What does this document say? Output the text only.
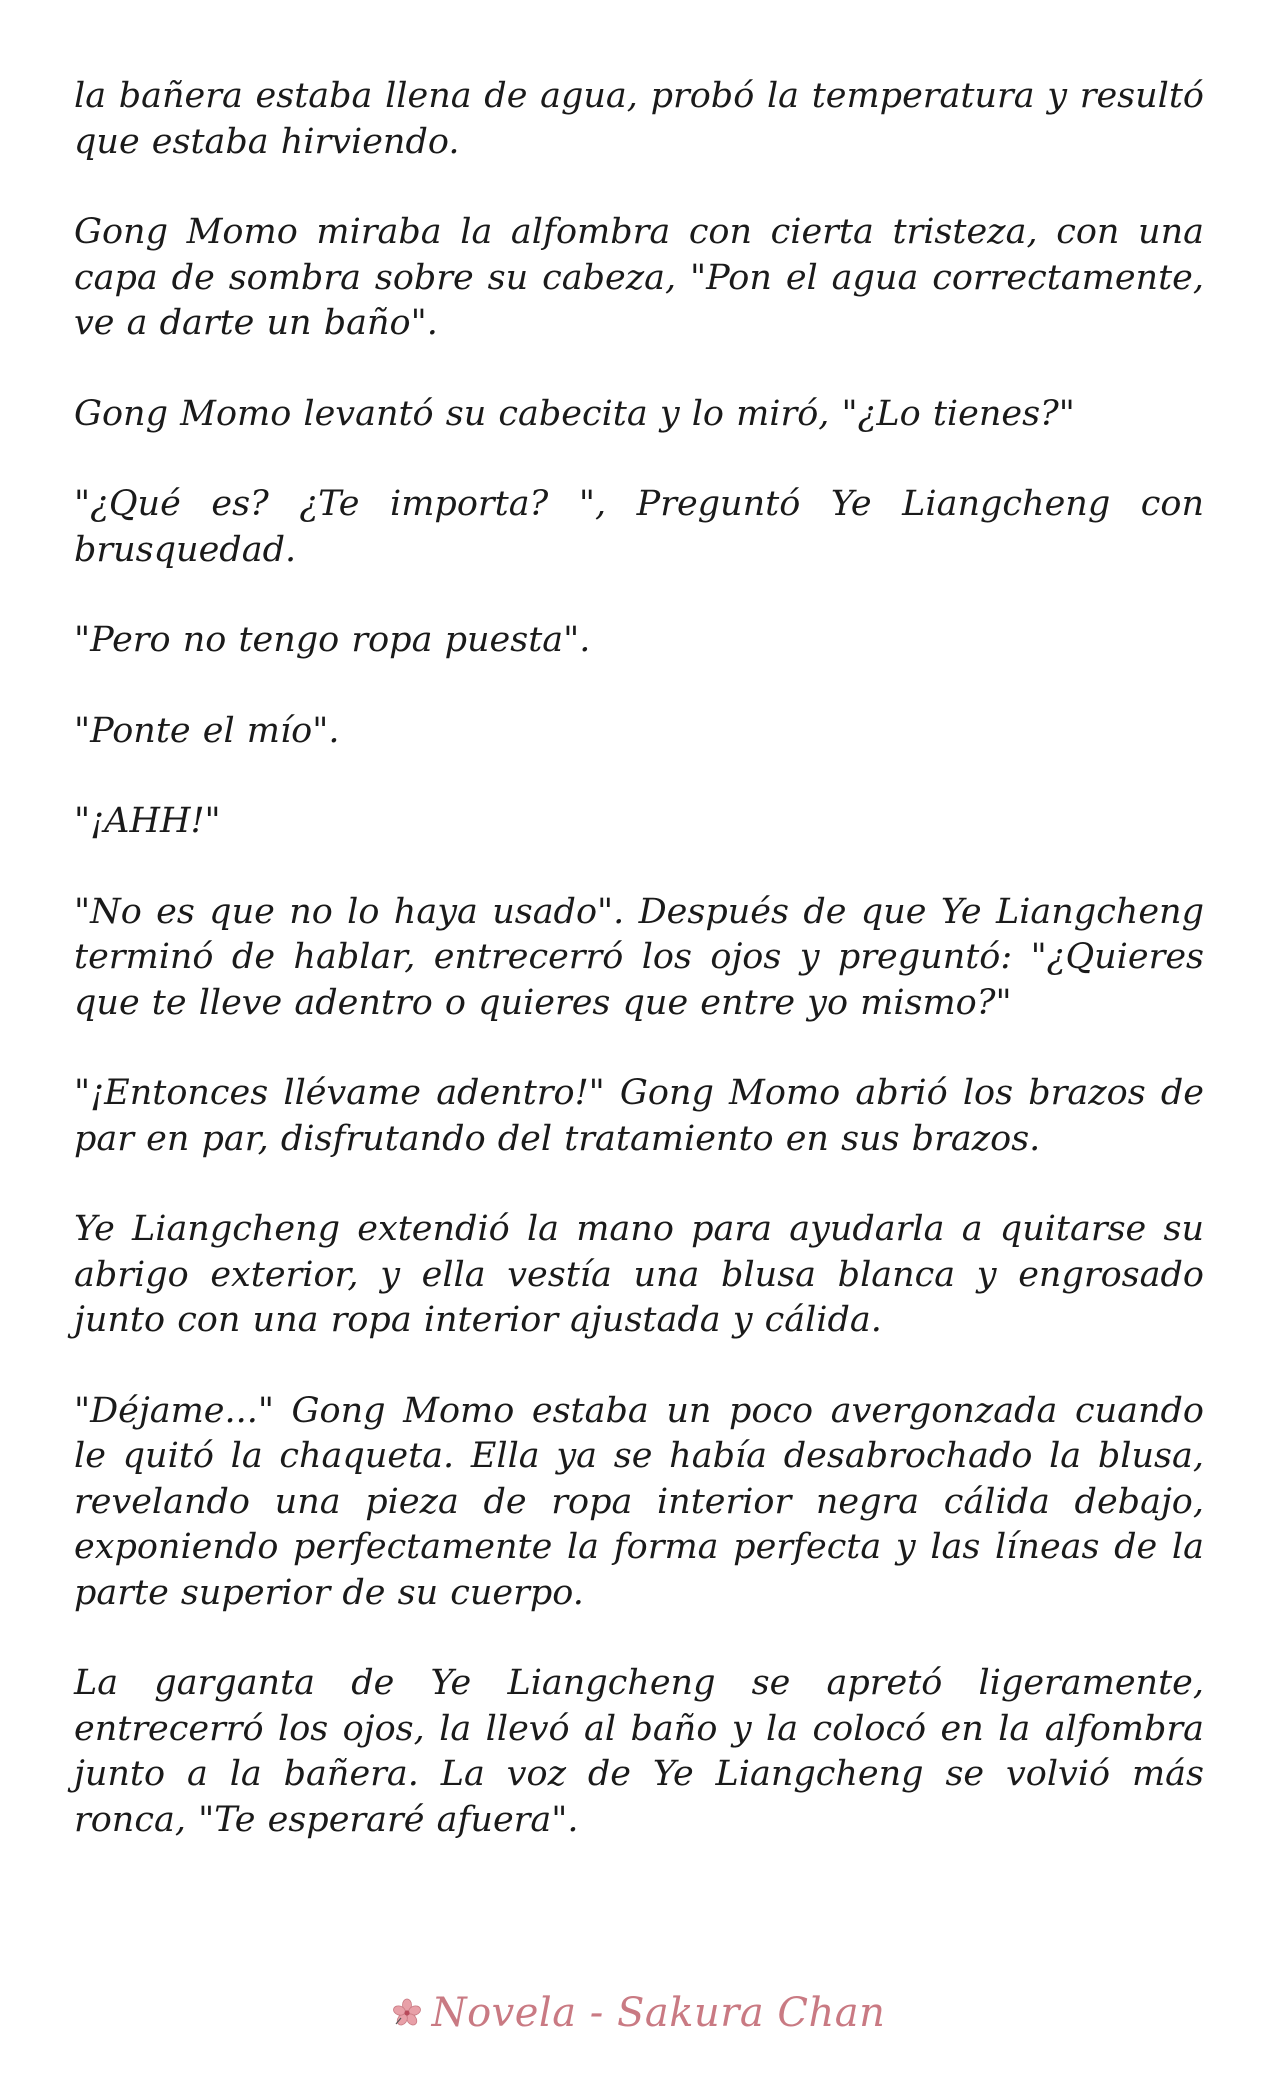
la bañera estaba llena de agua, probó la temperatura y resultó que estaba hirviendo.

Gong Momo miraba la alfombra con cierta tristeza, con una capa de sombra sobre su cabeza, "Pon el agua correctamente, ve a darte un baño".

Gong Momo levantó su cabecita y lo miró, "¿Lo tienes?"

"¿Qué es? ¿Te importa? ", Preguntó Ye Liangcheng con brusquedad.

"Pero no tengo ropa puesta".

"Ponte el mío".

"¡AHH!"

"No es que no lo haya usado". Después de que Ye Liangcheng terminó de hablar, entrecerró los ojos y preguntó: "¿Quieres que te lleve adentro o quieres que entre yo mismo?"

"¡Entonces llévame adentro!" Gong Momo abrió los brazos de par en par, disfrutando del tratamiento en sus brazos.

Ye Liangcheng extendió la mano para ayudarla a quitarse su abrigo exterior, y ella vestía una blusa blanca y engrosado junto con una ropa interior ajustada y cálida.

"Déjame..." Gong Momo estaba un poco avergonzada cuando le quitó la chaqueta. Ella ya se había desabrochado la blusa, revelando una pieza de ropa interior negra cálida debajo, exponiendo perfectamente la forma perfecta y las líneas de la parte superior de su cuerpo.

La garganta de Ye Liangcheng se apretó ligeramente, entrecerró los ojos, la llevó al baño y la colocó en la alfombra junto a la bañera. La voz de Ye Liangcheng se volvió más ronca, "Te esperaré afuera".

Novela - Sakura Chan
